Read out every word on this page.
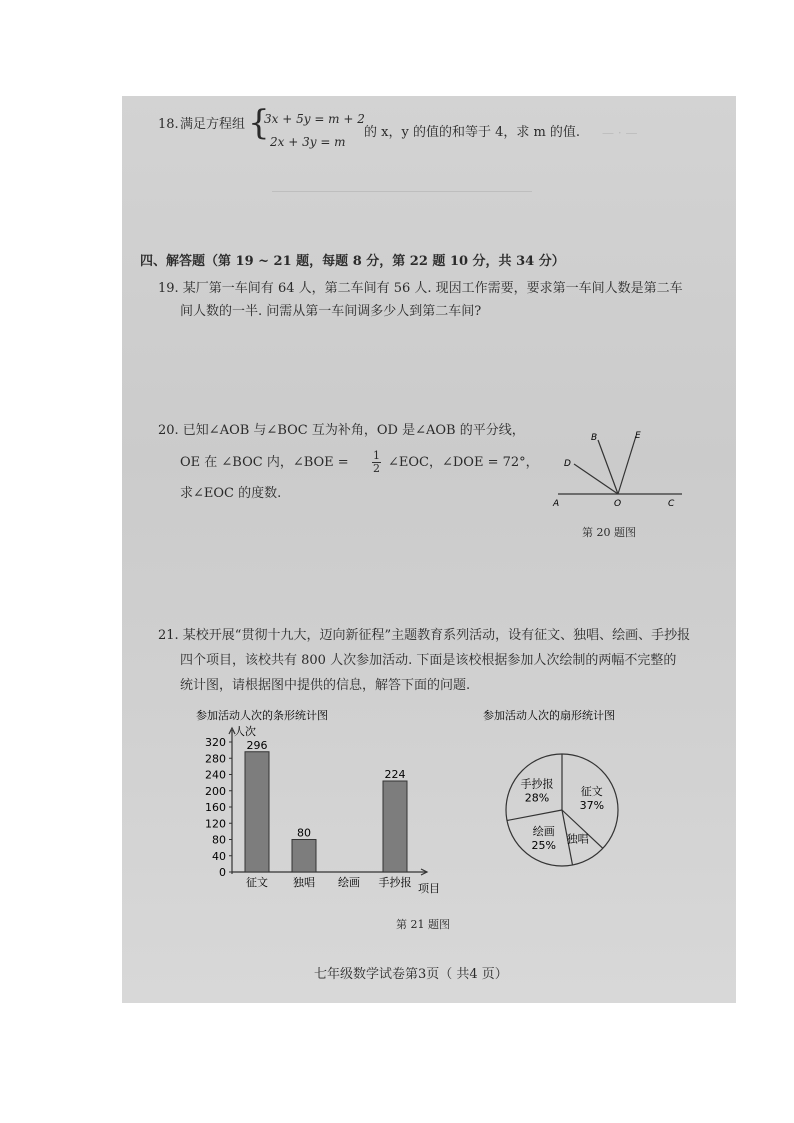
— · —
18. 满足方程组 {
3x + 5y = m + 2
2x + 3y = m
的 x，y 的值的和等于 4，求 m 的值.
四、解答题（第 19 ~ 21 题，每题 8 分，第 22 题 10 分，共 34 分）
19. 某厂第一车间有 64 人，第二车间有 56 人. 现因工作需要，要求第一车间人数是第二车
间人数的一半. 问需从第一车间调多少人到第二车间?
20. 已知∠AOB 与∠BOC 互为补角，OD 是∠AOB 的平分线，
OE 在 ∠BOC 内，∠BOE = $\frac{1}{2}$ ∠EOC，∠DOE = 72°，
求∠EOC 的度数.
A
B
C
D
E
O
第 20 题图
21. 某校开展“贯彻十九大，迈向新征程”主题教育系列活动，设有征文、独唱、绘画、手抄报
四个项目，该校共有 800 人次参加活动. 下面是该校根据参加人次绘制的两幅不完整的
统计图，请根据图中提供的信息，解答下面的问题.
参加活动人次的条形统计图
人次
项目
0
40
80
120
160
200
240
280
320 296
征文
80
独唱 绘画
224
手抄报
参加活动人次的扇形统计图
征文
37%
独唱
绘画
25%
手抄报
28%
第 21 题图
七年级数学试卷第3页（ 共4 页）
